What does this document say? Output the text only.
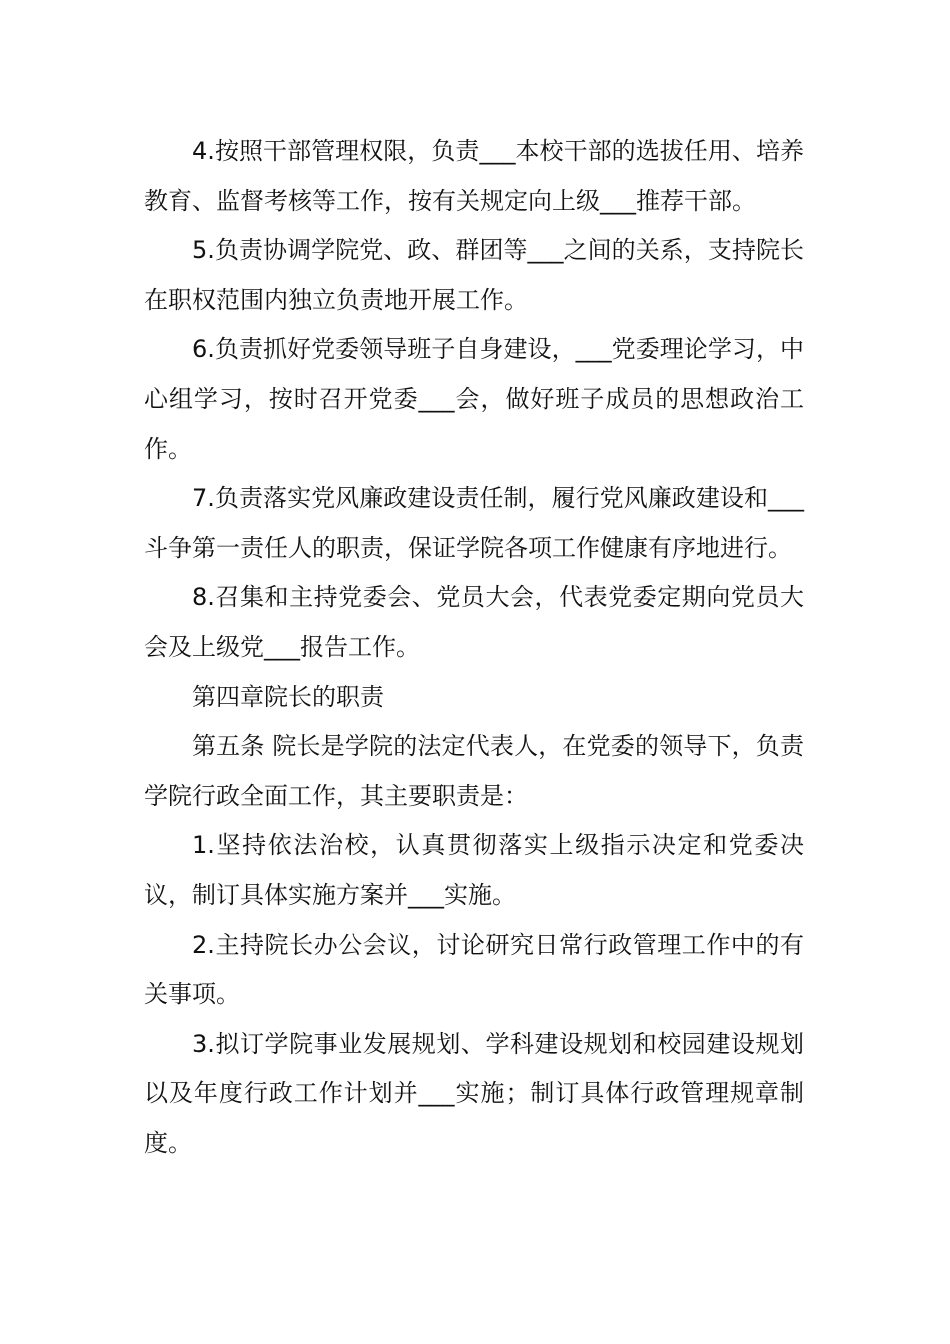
4.按照干部管理权限，负责___本校干部的选拔任用、培养教育、监督考核等工作，按有关规定向上级___推荐干部。

5.负责协调学院党、政、群团等___之间的关系，支持院长在职权范围内独立负责地开展工作。

6.负责抓好党委领导班子自身建设，___党委理论学习，中心组学习，按时召开党委___会，做好班子成员的思想政治工作。

7.负责落实党风廉政建设责任制，履行党风廉政建设和___斗争第一责任人的职责，保证学院各项工作健康有序地进行。

8.召集和主持党委会、党员大会，代表党委定期向党员大会及上级党___报告工作。

第四章院长的职责

第五条 院长是学院的法定代表人，在党委的领导下，负责学院行政全面工作，其主要职责是：

1.坚持依法治校，认真贯彻落实上级指示决定和党委决议，制订具体实施方案并___实施。

2.主持院长办公会议，讨论研究日常行政管理工作中的有关事项。

3.拟订学院事业发展规划、学科建设规划和校园建设规划以及年度行政工作计划并___实施；制订具体行政管理规章制度。
